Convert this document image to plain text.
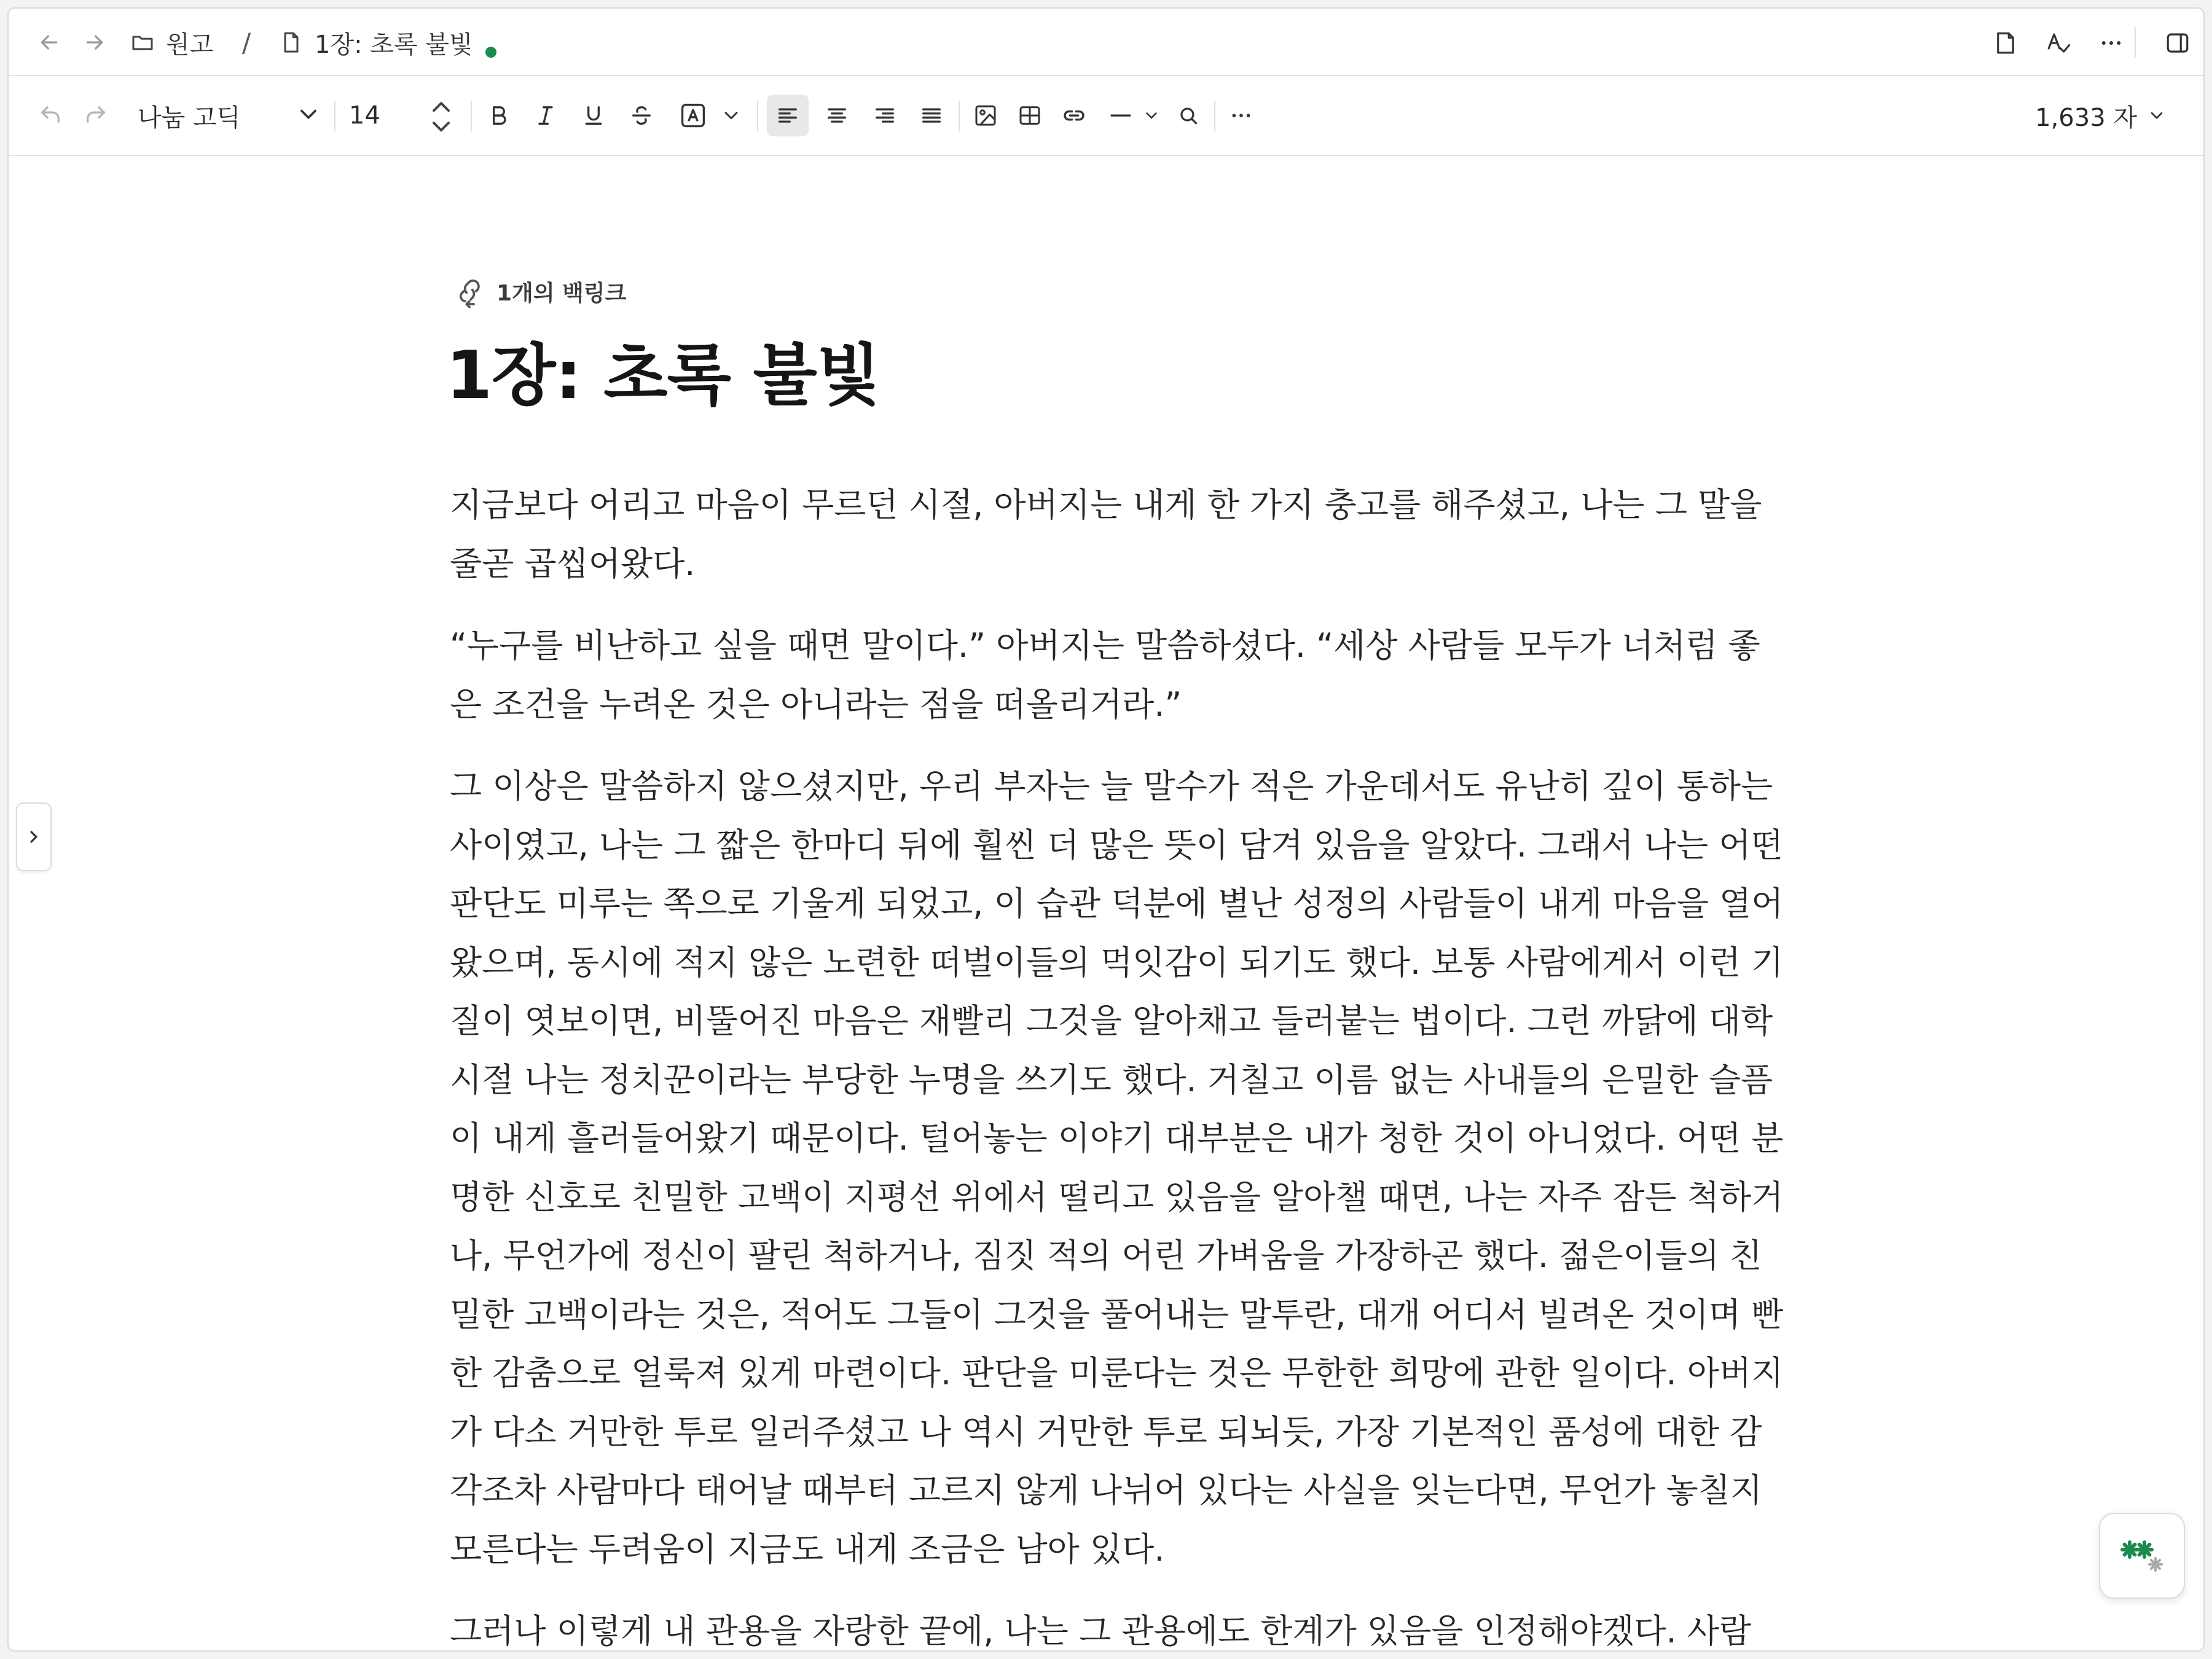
원고 /	1장: 초록 불빛
나눔 고딕	14	1,633 자
1개의 백링크
1장: 초록 불빛

지금보다 어리고 마음이 무르던 시절, 아버지는 내게 한 가지 충고를 해주셨고, 나는 그 말을 줄곧 곱씹어왔다.

“누구를 비난하고 싶을 때면 말이다.” 아버지는 말씀하셨다. “세상 사람들 모두가 너처럼 좋은 조건을 누려온 것은 아니라는 점을 떠올리거라.”

그 이상은 말씀하지 않으셨지만, 우리 부자는 늘 말수가 적은 가운데서도 유난히 깊이 통하는 사이였고, 나는 그 짧은 한마디 뒤에 훨씬 더 많은 뜻이 담겨 있음을 알았다. 그래서 나는 어떤 판단도 미루는 쪽으로 기울게 되었고, 이 습관 덕분에 별난 성정의 사람들이 내게 마음을 열어왔으며, 동시에 적지 않은 노련한 떠벌이들의 먹잇감이 되기도 했다. 보통 사람에게서 이런 기질이 엿보이면, 비뚤어진 마음은 재빨리 그것을 알아채고 들러붙는 법이다. 그런 까닭에 대학 시절 나는 정치꾼이라는 부당한 누명을 쓰기도 했다. 거칠고 이름 없는 사내들의 은밀한 슬픔이 내게 흘러들어왔기 때문이다. 털어놓는 이야기 대부분은 내가 청한 것이 아니었다. 어떤 분명한 신호로 친밀한 고백이 지평선 위에서 떨리고 있음을 알아챌 때면, 나는 자주 잠든 척하거나, 무언가에 정신이 팔린 척하거나, 짐짓 적의 어린 가벼움을 가장하곤 했다. 젊은이들의 친밀한 고백이라는 것은, 적어도 그들이 그것을 풀어내는 말투란, 대개 어디서 빌려온 것이며 빤한 감춤으로 얼룩져 있게 마련이다. 판단을 미룬다는 것은 무한한 희망에 관한 일이다. 아버지가 다소 거만한 투로 일러주셨고 나 역시 거만한 투로 되뇌듯, 가장 기본적인 품성에 대한 감각조차 사람마다 태어날 때부터 고르지 않게 나뉘어 있다는 사실을 잊는다면, 무언가 놓칠지 모른다는 두려움이 지금도 내게 조금은 남아 있다.

그러나 이렇게 내 관용을 자랑한 끝에, 나는 그 관용에도 한계가 있음을 인정해야겠다. 사람
